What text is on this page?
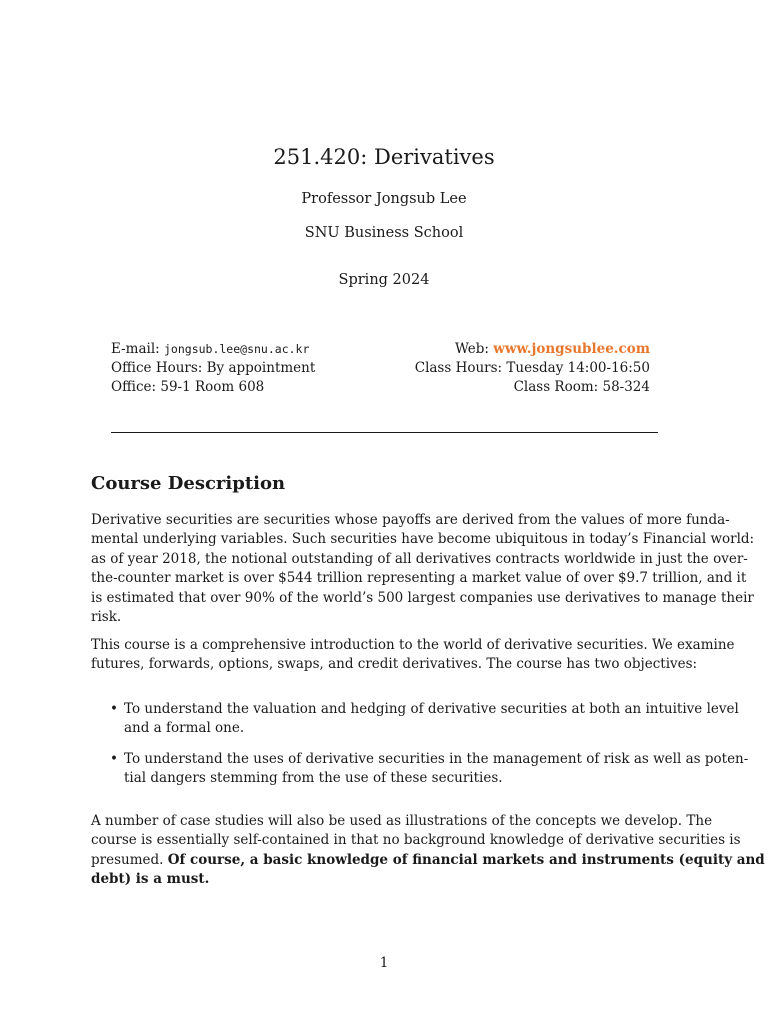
251.420: Derivatives
Professor Jongsub Lee
SNU Business School
Spring 2024
E-mail: jongsub.lee@snu.ac.kr
Office Hours: By appointment
Office: 59-1 Room 608
Web: www.jongsublee.com
Class Hours: Tuesday 14:00-16:50
Class Room: 58-324
Course Description
Derivative securities are securities whose payoffs are derived from the values of more funda-
mental underlying variables. Such securities have become ubiquitous in today’s Financial world:
as of year 2018, the notional outstanding of all derivatives contracts worldwide in just the over-
the-counter market is over $544 trillion representing a market value of over $9.7 trillion, and it
is estimated that over 90% of the world’s 500 largest companies use derivatives to manage their
risk.
This course is a comprehensive introduction to the world of derivative securities. We examine
futures, forwards, options, swaps, and credit derivatives. The course has two objectives:
• To understand the valuation and hedging of derivative securities at both an intuitive level
and a formal one.
• To understand the uses of derivative securities in the management of risk as well as poten-
tial dangers stemming from the use of these securities.
A number of case studies will also be used as illustrations of the concepts we develop. The
course is essentially self-contained in that no background knowledge of derivative securities is
presumed. Of course, a basic knowledge of financial markets and instruments (equity and
debt) is a must.
1
